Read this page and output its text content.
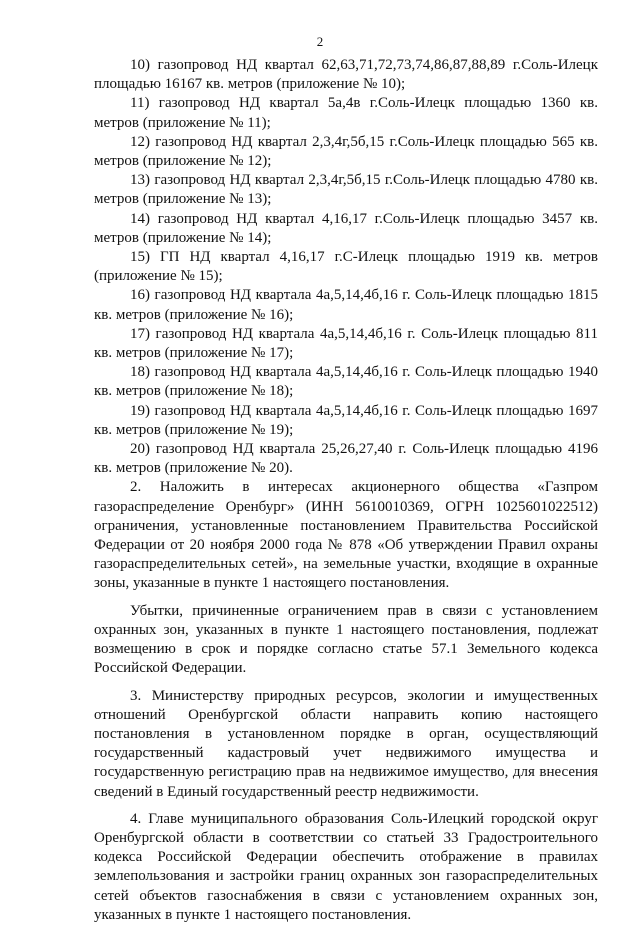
2

10) газопровод НД квартал 62,63,71,72,73,74,86,87,88,89 г.Соль-Илецк площадью 16167 кв. метров (приложение № 10);

11) газопровод НД квартал 5а,4в г.Соль-Илецк площадью 1360 кв. метров (приложение № 11);

12) газопровод НД квартал 2,3,4г,5б,15 г.Соль-Илецк площадью 565 кв. метров (приложение № 12);

13) газопровод НД квартал 2,3,4г,5б,15 г.Соль-Илецк площадью 4780 кв. метров (приложение № 13);

14) газопровод НД квартал 4,16,17 г.Соль-Илецк площадью 3457 кв. метров (приложение № 14);

15) ГП НД квартал 4,16,17 г.С-Илецк площадью 1919 кв. метров (приложение № 15);

16) газопровод НД квартала 4а,5,14,4б,16 г. Соль-Илецк площадью 1815 кв. метров (приложение № 16);

17) газопровод НД квартала 4а,5,14,4б,16 г. Соль-Илецк площадью 811 кв. метров (приложение № 17);

18) газопровод НД квартала 4а,5,14,4б,16 г. Соль-Илецк площадью 1940 кв. метров (приложение № 18);

19) газопровод НД квартала 4а,5,14,4б,16 г. Соль-Илецк площадью 1697 кв. метров (приложение № 19);

20) газопровод НД квартала 25,26,27,40 г. Соль-Илецк площадью 4196 кв. метров (приложение № 20).

2. Наложить в интересах акционерного общества «Газпром газораспределение Оренбург» (ИНН 5610010369, ОГРН 1025601022512) ограничения, установленные постановлением Правительства Российской Федерации от 20 ноября 2000 года № 878 «Об утверждении Правил охраны газораспределительных сетей», на земельные участки, входящие в охранные зоны, указанные в пункте 1 настоящего постановления.

Убытки, причиненные ограничением прав в связи с установлением охранных зон, указанных в пункте 1 настоящего постановления, подлежат возмещению в срок и порядке согласно статье 57.1 Земельного кодекса Российской Федерации.

3. Министерству природных ресурсов, экологии и имущественных отношений Оренбургской области направить копию настоящего постановления в установленном порядке в орган, осуществляющий государственный кадастровый учет недвижимого имущества и государственную регистрацию прав на недвижимое имущество, для внесения сведений в Единый государственный реестр недвижимости.

4. Главе муниципального образования Соль-Илецкий городской округ Оренбургской области в соответствии со статьей 33 Градостроительного кодекса Российской Федерации обеспечить отображение в правилах землепользования и застройки границ охранных зон газораспределительных сетей объектов газоснабжения в связи с установлением охранных зон, указанных в пункте 1 настоящего постановления.
